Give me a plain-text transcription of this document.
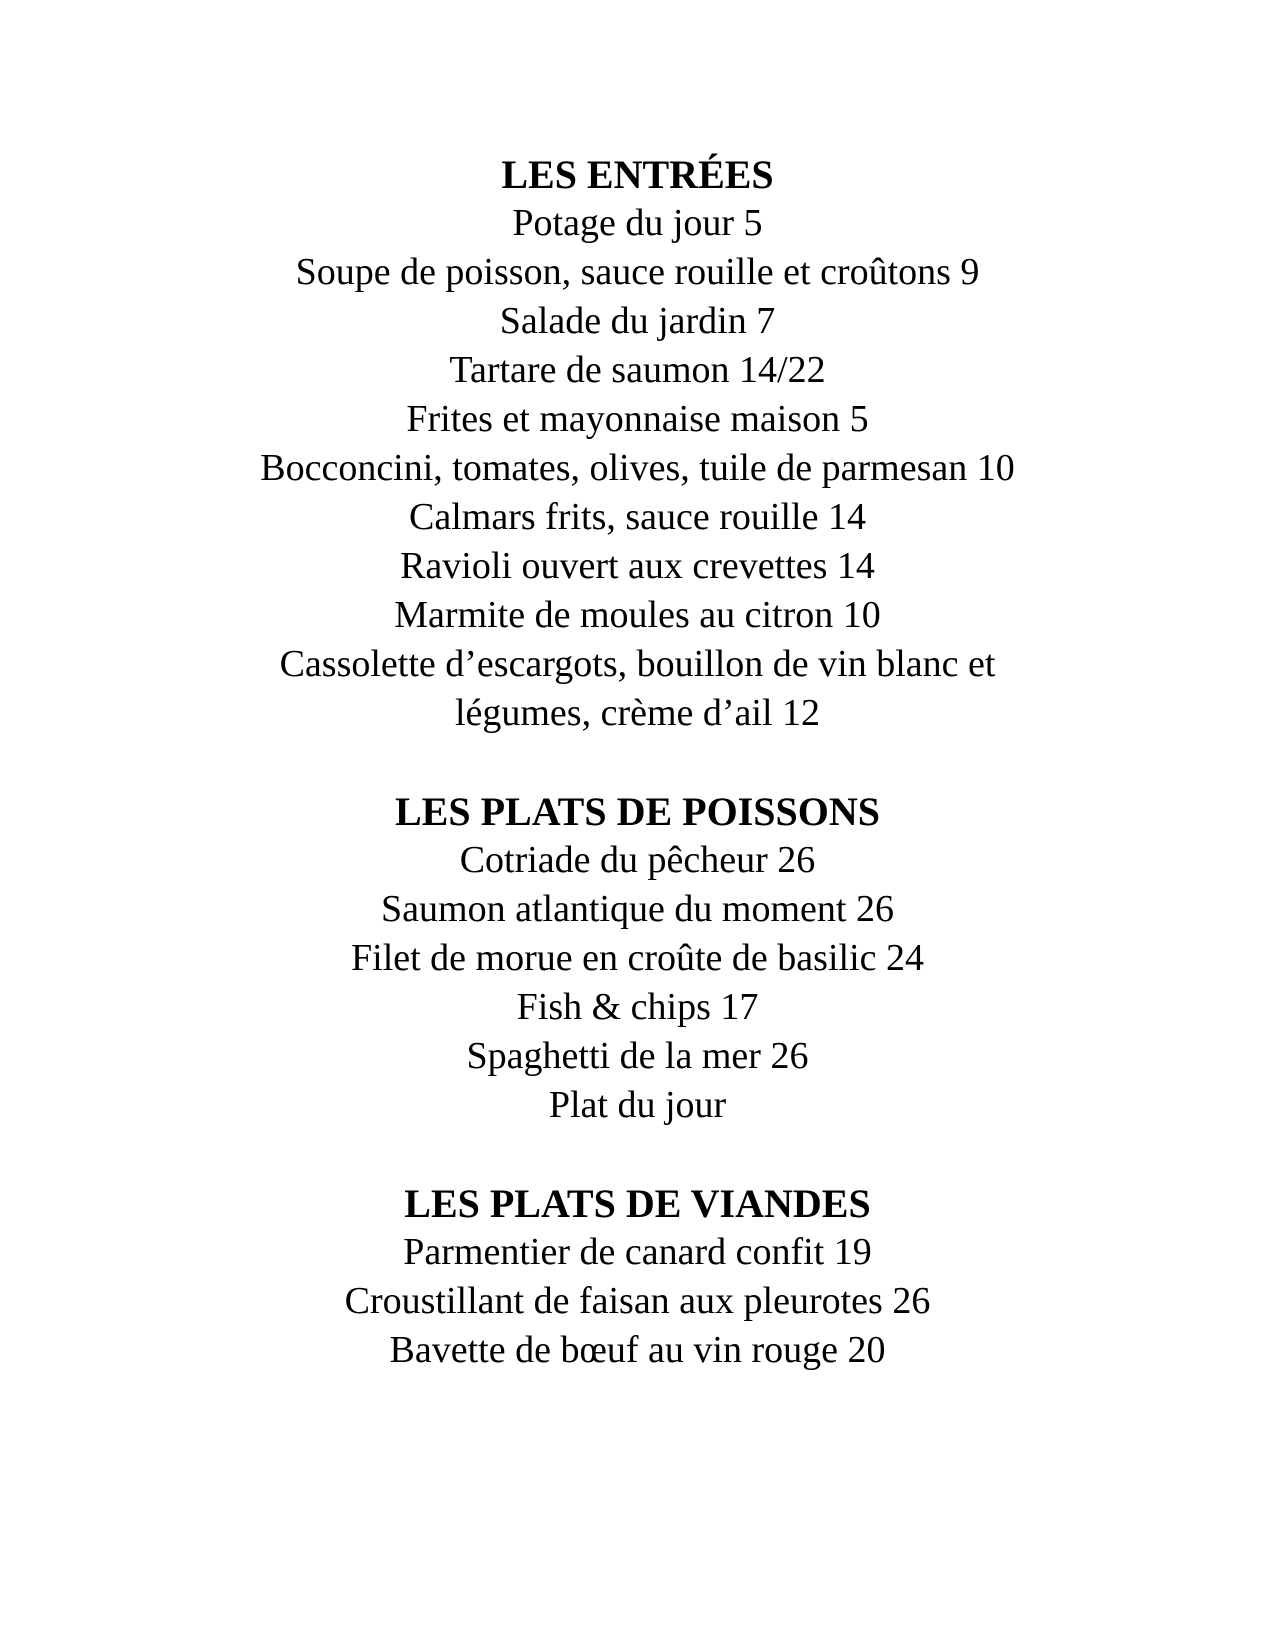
LES ENTRÉES
Potage du jour 5
Soupe de poisson, sauce rouille et croûtons 9
Salade du jardin 7
Tartare de saumon 14/22
Frites et mayonnaise maison 5
Bocconcini, tomates, olives, tuile de parmesan 10
Calmars frits, sauce rouille 14
Ravioli ouvert aux crevettes 14
Marmite de moules au citron 10
Cassolette d’escargots, bouillon de vin blanc et légumes, crème d’ail 12
LES PLATS DE POISSONS
Cotriade du pêcheur 26
Saumon atlantique du moment 26
Filet de morue en croûte de basilic 24
Fish & chips 17
Spaghetti de la mer 26
Plat du jour
LES PLATS DE VIANDES
Parmentier de canard confit 19
Croustillant de faisan aux pleurotes 26
Bavette de bœuf au vin rouge 20
